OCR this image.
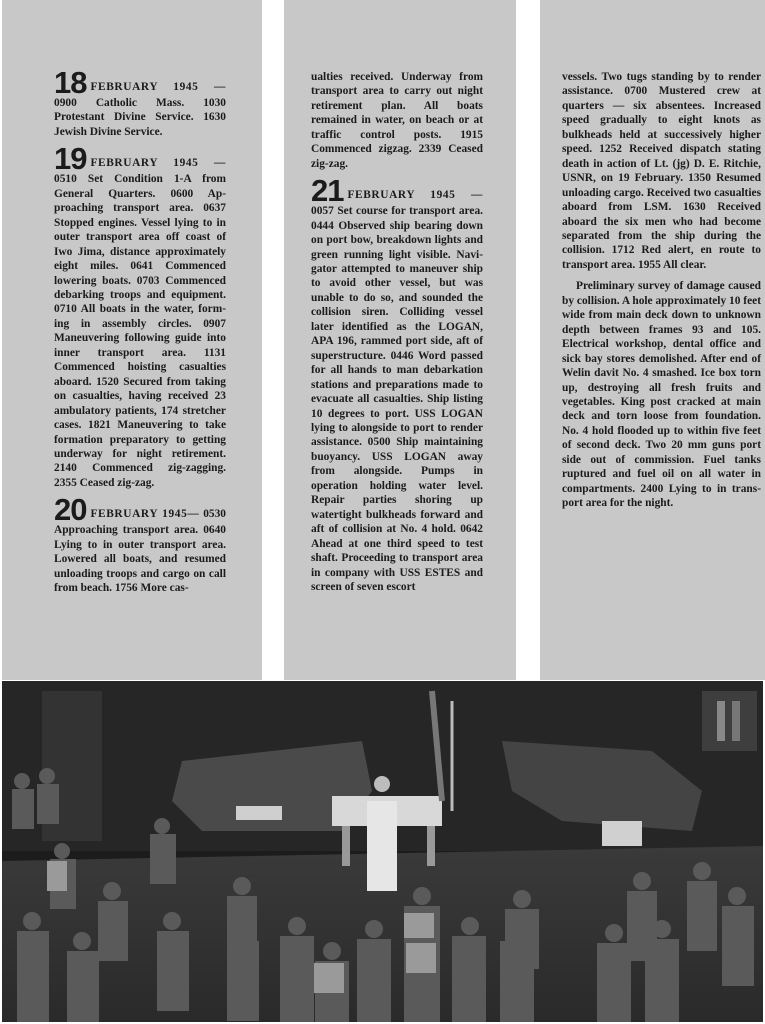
18 FEBRUARY 1945 — 0900 Catholic Mass. 1030 Protestant Divine Service. 1630 Jewish Divine Service.
19 FEBRUARY 1945 — 0510 Set Condition 1-A from General Quarters. 0600 Approaching transport area. 0637 Stopped engines. Vessel lying to in outer transport area off coast of Iwo Jima, distance approximately eight miles. 0641 Commenced lowering boats. 0703 Commenced debarking troops and equipment. 0710 All boats in the water, forming in assembly circles. 0907 Maneuvering following guide into inner transport area. 1131 Commenced hoisting casualties aboard. 1520 Secured from taking on casualties, having received 23 ambulatory patients, 174 stretcher cases. 1821 Maneuvering to take formation preparatory to getting underway for night retirement. 2140 Commenced zig-zagging. 2355 Ceased zig-zag.
20 FEBRUARY 1945— 0530 Approaching transport area. 0640 Lying to in outer transport area. Lowered all boats, and resumed unloading troops and cargo on call from beach. 1756 More cas-
ualties received. Underway from transport area to carry out night retirement plan. All boats remained in water, on beach or at traffic control posts. 1915 Commenced zigzag. 2339 Ceased zig-zag.
21 FEBRUARY 1945 — 0057 Set course for transport area. 0444 Observed ship bearing down on port bow, breakdown lights and green running light visible. Navigator attempted to maneuver ship to avoid other vessel, but was unable to do so, and sounded the collision siren. Colliding vessel later identified as the LOGAN, APA 196, rammed port side, aft of superstructure. 0446 Word passed for all hands to man debarkation stations and preparations made to evacuate all casualties. Ship listing 10 degrees to port. USS LOGAN lying to alongside to port to render assistance. 0500 Ship maintaining buoyancy. USS LOGAN away from alongside. Pumps in operation holding water level. Repair parties shoring up watertight bulkheads forward and aft of collision at No. 4 hold. 0642 Ahead at one third speed to test shaft. Proceeding to transport area in company with USS ESTES and screen of seven escort
vessels. Two tugs standing by to render assistance. 0700 Mustered crew at quarters — six absentees. Increased speed gradually to eight knots as bulkheads held at successively higher speed. 1252 Received dispatch stating death in action of Lt. (jg) D. E. Ritchie, USNR, on 19 February. 1350 Resumed unloading cargo. Received two casualties aboard from LSM. 1630 Received aboard the six men who had become separated from the ship during the collision. 1712 Red alert, en route to transport area. 1955 All clear.
Preliminary survey of damage caused by collision. A hole approximately 10 feet wide from main deck down to unknown depth between frames 93 and 105. Electrical workshop, dental office and sick bay stores demolished. After end of Welin davit No. 4 smashed. Ice box torn up, destroying all fresh fruits and vegetables. King post cracked at main deck and torn loose from foundation. No. 4 hold flooded up to within five feet of second deck. Two 20 mm guns port side out of commission. Fuel tanks ruptured and fuel oil on all water in compartments. 2400 Lying to in transport area for the night.
